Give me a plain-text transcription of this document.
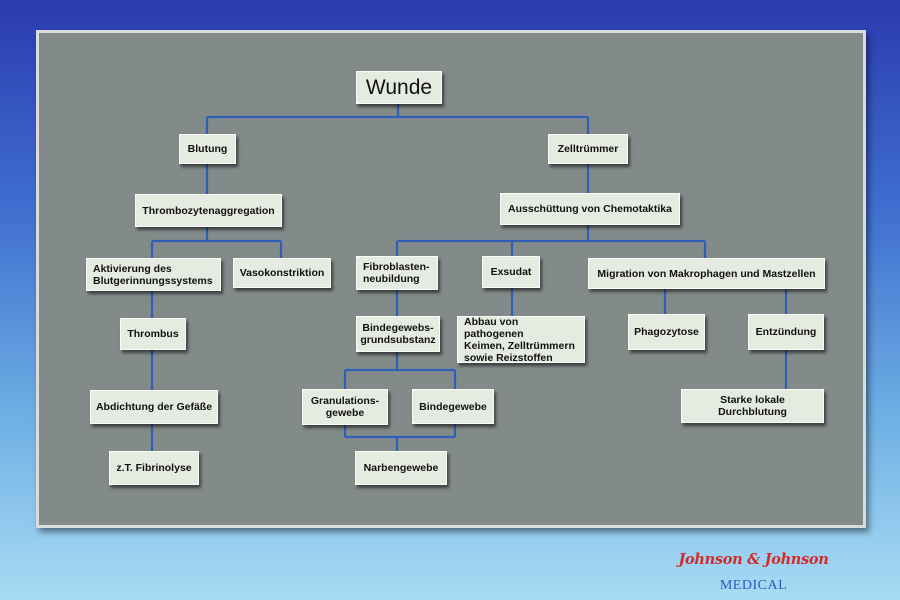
Wunde
Blutung	Zelltrümmer
Thrombozytenaggregation	Ausschüttung von Chemotaktika
Aktivierung des
Blutgerinnungssystems
Vasokonstriktion	Fibroblasten-
neubildung
Exsudat	Migration von Makrophagen und Mastzellen
Thrombus	Bindegewebs-
grundsubstanz
Abbau von pathogenen
Keimen, Zelltrümmern
sowie Reizstoffen
Phagozytose	Entzündung
Abdichtung der Gefäße	Granulations-
gewebe
Bindegewebe
Starke lokale Durchblutung
z.T. Fibrinolyse	Narbengewebe
Johnson & Johnson
MEDICAL
